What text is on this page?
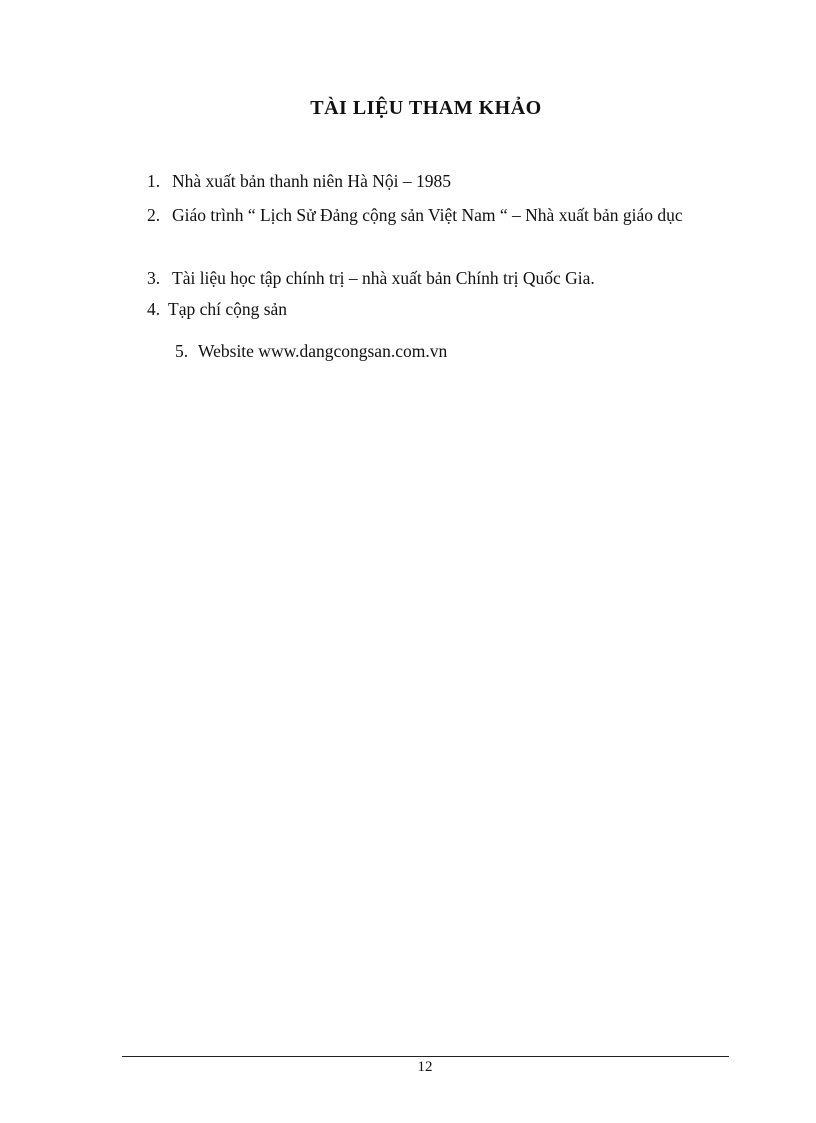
TÀI LIỆU THAM KHẢO
1. Nhà xuất bản thanh niên Hà Nội – 1985
2. Giáo trình “ Lịch Sử Đảng cộng sản Việt Nam “ – Nhà xuất bản giáo dục
3. Tài liệu học tập chính trị – nhà xuất bản Chính trị Quốc Gia.
4. Tạp chí cộng sản
5. Website www.dangcongsan.com.vn
12
